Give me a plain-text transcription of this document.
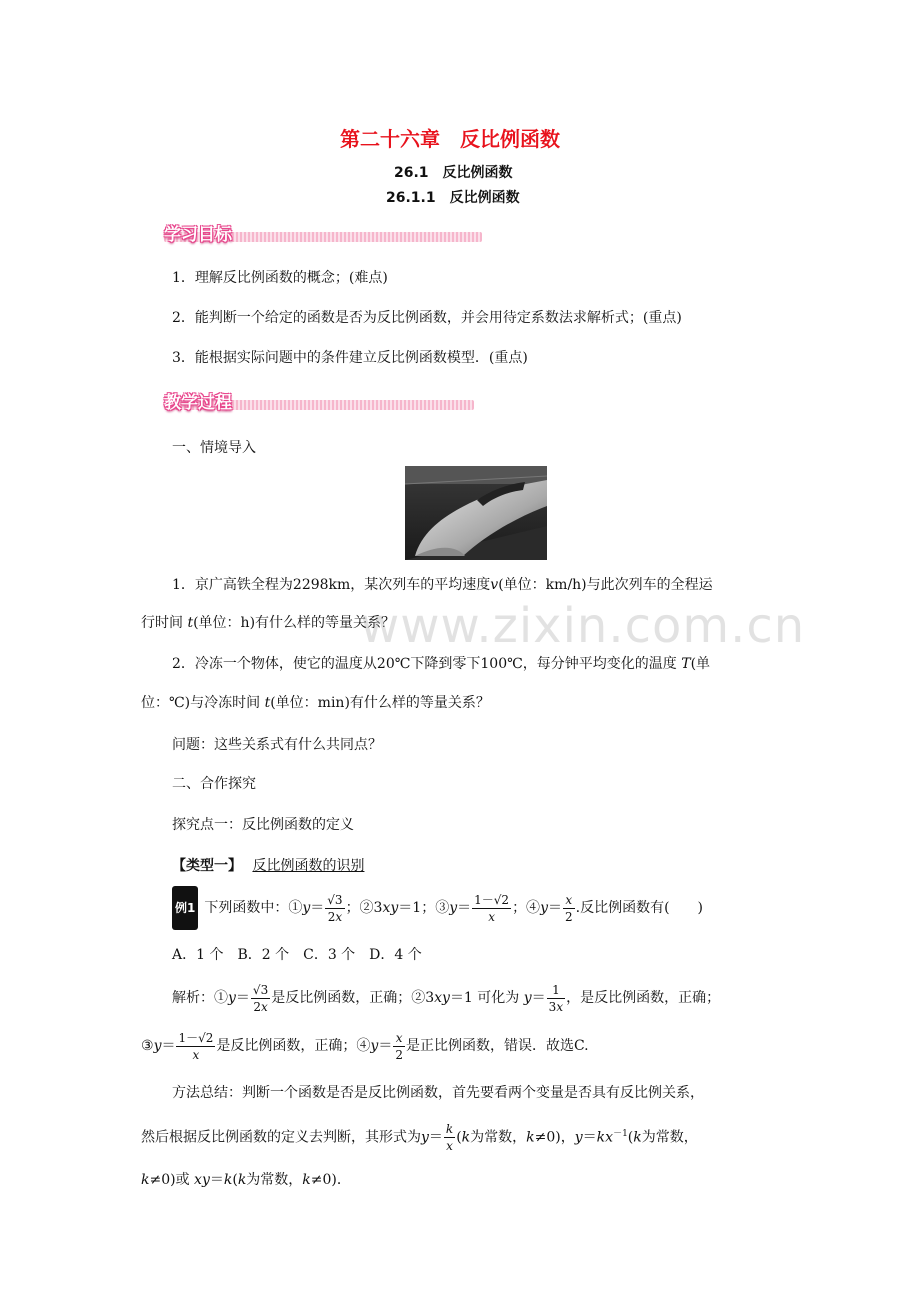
第二十六章　反比例函数
26.1　反比例函数
26.1.1　反比例函数
学习目标
1．理解反比例函数的概念；(难点)
2．能判断一个给定的函数是否为反比例函数，并会用待定系数法求解析式；(重点)
3．能根据实际问题中的条件建立反比例函数模型．(重点)
教学过程
一、情境导入
1．京广高铁全程为2298km，某次列车的平均速度v(单位：km/h)与此次列车的全程运
行时间 t(单位：h)有什么样的等量关系？
2．冷冻一个物体，使它的温度从20℃下降到零下100℃，每分钟平均变化的温度 T(单
位：℃)与冷冻时间 t(单位：min)有什么样的等量关系？
问题：这些关系式有什么共同点？
二、合作探究
探究点一：反比例函数的定义
【类型一】 反比例函数的识别
例1 下列函数中：①y＝ $\frac{√3}{2x}$ ；②3xy＝1；③y＝ $\frac{1-√2}{x}$ ；④y＝ $\frac{x}{2}$ .反比例函数有(　　)
A．1 个　B．2 个　C．3 个　D．4 个
解析：①y＝ $\frac{√3}{2x}$ 是反比例函数，正确；②3xy＝1 可化为 $y= \frac{1}{3x}$ ，是反比例函数，正确；
③y＝ $\frac{1-√2}{x}$ 是反比例函数，正确；④y＝ $\frac{x}{2}$ 是正比例函数，错误．故选C.
方法总结：判断一个函数是否是反比例函数，首先要看两个变量是否具有反比例关系，
然后根据反比例函数的定义去判断，其形式为$y= \frac{k}{x} (k$为常数，k≠0)，$y=kx^{-1}(k$为常数，
k≠0)或 xy＝k(k为常数，k≠0)．
www.zixin.com.cn
